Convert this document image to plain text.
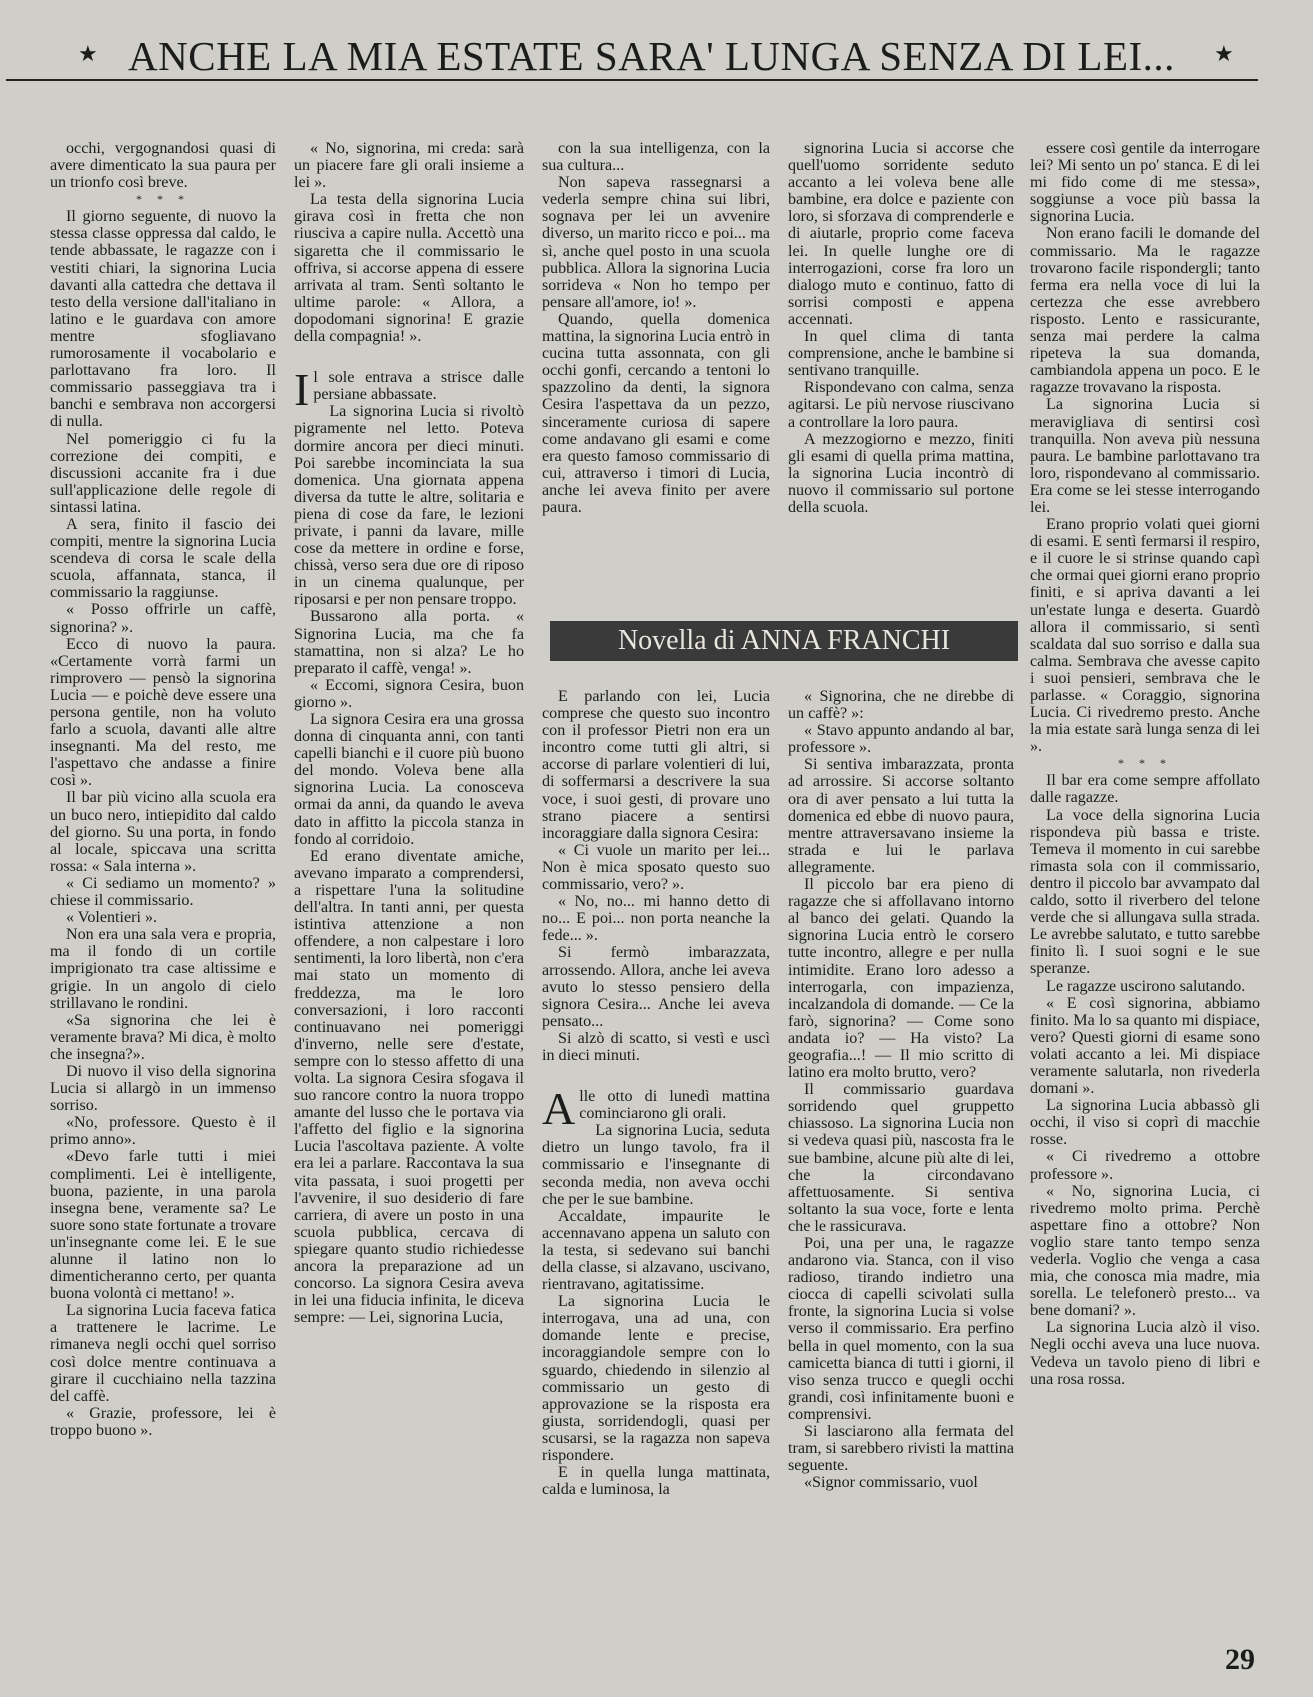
★ ANCHE LA MIA ESTATE SARA' LUNGA SENZA DI LEI...	★

occhi, vergognandosi quasi di avere dimenticato la sua paura per un trionfo così breve.

* * *

Il giorno seguente, di nuovo la stessa classe oppressa dal caldo, le tende abbassate, le ragazze con i vestiti chiari, la signorina Lucia davanti alla cattedra che dettava il testo della versione dall'italiano in latino e le guardava con amore mentre sfogliavano rumorosamente il vocabolario e parlottavano fra loro. Il commissario passeggiava tra i banchi e sembrava non accorgersi di nulla.

Nel pomeriggio ci fu la correzione dei compiti, e discussioni accanite fra i due sull'applicazione delle regole di sintassi latina.

A sera, finito il fascio dei compiti, mentre la signorina Lucia scendeva di corsa le scale della scuola, affannata, stanca, il commissario la raggiunse.

« Posso offrirle un caffè, signorina? ».

Ecco di nuovo la paura. «Certamente vorrà farmi un rimprovero — pensò la signorina Lucia — e poichè deve essere una persona gentile, non ha voluto farlo a scuola, davanti alle altre insegnanti. Ma del resto, me l'aspettavo che andasse a finire così ».

Il bar più vicino alla scuola era un buco nero, intiepidito dal caldo del giorno. Su una porta, in fondo al locale, spiccava una scritta rossa: « Sala interna ».

« Ci sediamo un momento? » chiese il commissario.

« Volentieri ».

Non era una sala vera e propria, ma il fondo di un cortile imprigionato tra case altissime e grigie. In un angolo di cielo strillavano le rondini.

«Sa signorina che lei è veramente brava? Mi dica, è molto che insegna?».

Di nuovo il viso della signorina Lucia si allargò in un immenso sorriso.

«No, professore. Questo è il primo anno».

«Devo farle tutti i miei complimenti. Lei è intelligente, buona, paziente, in una parola insegna bene, veramente sa? Le suore sono state fortunate a trovare un'insegnante come lei. E le sue alunne il latino non lo dimenticheranno certo, per quanta buona volontà ci mettano! ».

La signorina Lucia faceva fatica a trattenere le lacrime. Le rimaneva negli occhi quel sorriso così dolce mentre continuava a girare il cucchiaino nella tazzina del caffè.

« Grazie, professore, lei è troppo buono ».

« No, signorina, mi creda: sarà un piacere fare gli orali insieme a lei ».

La testa della signorina Lucia girava così in fretta che non riusciva a capire nulla. Accettò una sigaretta che il commissario le offriva, si accorse appena di essere arrivata al tram. Sentì soltanto le ultime parole: « Allora, a dopodomani signorina! E grazie della compagnia! ».

Il sole entrava a strisce dalle persiane abbassate.

La signorina Lucia si rivoltò pigramente nel letto. Poteva dormire ancora per dieci minuti. Poi sarebbe incominciata la sua domenica. Una giornata appena diversa da tutte le altre, solitaria e piena di cose da fare, le lezioni private, i panni da lavare, mille cose da mettere in ordine e forse, chissà, verso sera due ore di riposo in un cinema qualunque, per riposarsi e per non pensare troppo.

Bussarono alla porta. « Signorina Lucia, ma che fa stamattina, non si alza? Le ho preparato il caffè, venga! ».

« Eccomi, signora Cesira, buon giorno ».

La signora Cesira era una grossa donna di cinquanta anni, con tanti capelli bianchi e il cuore più buono del mondo. Voleva bene alla signorina Lucia. La conosceva ormai da anni, da quando le aveva dato in affitto la piccola stanza in fondo al corridoio.

Ed erano diventate amiche, avevano imparato a comprendersi, a rispettare l'una la solitudine dell'altra. In tanti anni, per questa istintiva attenzione a non offendere, a non calpestare i loro sentimenti, la loro libertà, non c'era mai stato un momento di freddezza, ma le loro conversazioni, i loro racconti continuavano nei pomeriggi d'inverno, nelle sere d'estate, sempre con lo stesso affetto di una volta. La signora Cesira sfogava il suo rancore contro la nuora troppo amante del lusso che le portava via l'affetto del figlio e la signorina Lucia l'ascoltava paziente. A volte era lei a parlare. Raccontava la sua vita passata, i suoi progetti per l'avvenire, il suo desiderio di fare carriera, di avere un posto in una scuola pubblica, cercava di spiegare quanto studio richiedesse ancora la preparazione ad un concorso. La signora Cesira aveva in lei una fiducia infinita, le diceva sempre: — Lei, signorina Lucia,

con la sua intelligenza, con la sua cultura...

Non sapeva rassegnarsi a vederla sempre china sui libri, sognava per lei un avvenire diverso, un marito ricco e poi... ma sì, anche quel posto in una scuola pubblica. Allora la signorina Lucia sorrideva « Non ho tempo per pensare all'amore, io! ».

Quando, quella domenica mattina, la signorina Lucia entrò in cucina tutta assonnata, con gli occhi gonfi, cercando a tentoni lo spazzolino da denti, la signora Cesira l'aspettava da un pezzo, sinceramente curiosa di sapere come andavano gli esami e come era questo famoso commissario di cui, attraverso i timori di Lucia, anche lei aveva finito per avere paura.

signorina Lucia si accorse che quell'uomo sorridente seduto accanto a lei voleva bene alle bambine, era dolce e paziente con loro, si sforzava di comprenderle e di aiutarle, proprio come faceva lei. In quelle lunghe ore di interrogazioni, corse fra loro un dialogo muto e continuo, fatto di sorrisi composti e appena accennati.

In quel clima di tanta comprensione, anche le bambine si sentivano tranquille.

Rispondevano con calma, senza agitarsi. Le più nervose riuscivano a controllare la loro paura.

A mezzogiorno e mezzo, finiti gli esami di quella prima mattina, la signorina Lucia incontrò di nuovo il commissario sul portone della scuola.

Novella di ANNA FRANCHI

E parlando con lei, Lucia comprese che questo suo incontro con il professor Pietri non era un incontro come tutti gli altri, si accorse di parlare volentieri di lui, di soffermarsi a descrivere la sua voce, i suoi gesti, di provare uno strano piacere a sentirsi incoraggiare dalla signora Cesira:

« Ci vuole un marito per lei... Non è mica sposato questo suo commissario, vero? ».

« No, no... mi hanno detto di no... E poi... non porta neanche la fede... ».

Si fermò imbarazzata, arrossendo. Allora, anche lei aveva avuto lo stesso pensiero della signora Cesira... Anche lei aveva pensato...

Si alzò di scatto, si vestì e uscì in dieci minuti.

Alle otto di lunedì mattina cominciarono gli orali.

La signorina Lucia, seduta dietro un lungo tavolo, fra il commissario e l'insegnante di seconda media, non aveva occhi che per le sue bambine.

Accaldate, impaurite le accennavano appena un saluto con la testa, si sedevano sui banchi della classe, si alzavano, uscivano, rientravano, agitatissime.

La signorina Lucia le interrogava, una ad una, con domande lente e precise, incoraggiandole sempre con lo sguardo, chiedendo in silenzio al commissario un gesto di approvazione se la risposta era giusta, sorridendogli, quasi per scusarsi, se la ragazza non sapeva rispondere.

E in quella lunga mattinata, calda e luminosa, la

« Signorina, che ne direbbe di un caffè? »:

« Stavo appunto andando al bar, professore ».

Si sentiva imbarazzata, pronta ad arrossire. Si accorse soltanto ora di aver pensato a lui tutta la domenica ed ebbe di nuovo paura, mentre attraversavano insieme la strada e lui le parlava allegramente.

Il piccolo bar era pieno di ragazze che si affollavano intorno al banco dei gelati. Quando la signorina Lucia entrò le corsero tutte incontro, allegre e per nulla intimidite. Erano loro adesso a interrogarla, con impazienza, incalzandola di domande. — Ce la farò, signorina? — Come sono andata io? — Ha visto? La geografia...! — Il mio scritto di latino era molto brutto, vero?

Il commissario guardava sorridendo quel gruppetto chiassoso. La signorina Lucia non si vedeva quasi più, nascosta fra le sue bambine, alcune più alte di lei, che la circondavano affettuosamente. Si sentiva soltanto la sua voce, forte e lenta che le rassicurava.

Poi, una per una, le ragazze andarono via. Stanca, con il viso radioso, tirando indietro una ciocca di capelli scivolati sulla fronte, la signorina Lucia si volse verso il commissario. Era perfino bella in quel momento, con la sua camicetta bianca di tutti i giorni, il viso senza trucco e quegli occhi grandi, così infinitamente buoni e comprensivi.

Si lasciarono alla fermata del tram, si sarebbero rivisti la mattina seguente.

«Signor commissario, vuol

essere così gentile da interrogare lei? Mi sento un po' stanca. E di lei mi fido come di me stessa», soggiunse a voce più bassa la signorina Lucia.

Non erano facili le domande del commissario. Ma le ragazze trovarono facile rispondergli; tanto ferma era nella voce di lui la certezza che esse avrebbero risposto. Lento e rassicurante, senza mai perdere la calma ripeteva la sua domanda, cambiandola appena un poco. E le ragazze trovavano la risposta.

La signorina Lucia si meravigliava di sentirsi così tranquilla. Non aveva più nessuna paura. Le bambine parlottavano tra loro, rispondevano al commissario. Era come se lei stesse interrogando lei.

Erano proprio volati quei giorni di esami. E sentì fermarsi il respiro, e il cuore le si strinse quando capì che ormai quei giorni erano proprio finiti, e si apriva davanti a lei un'estate lunga e deserta. Guardò allora il commissario, si sentì scaldata dal suo sorriso e dalla sua calma. Sembrava che avesse capito i suoi pensieri, sembrava che le parlasse. « Coraggio, signorina Lucia. Ci rivedremo presto. Anche la mia estate sarà lunga senza di lei ».

* * *

Il bar era come sempre affollato dalle ragazze.

La voce della signorina Lucia rispondeva più bassa e triste. Temeva il momento in cui sarebbe rimasta sola con il commissario, dentro il piccolo bar avvampato dal caldo, sotto il riverbero del telone verde che si allungava sulla strada. Le avrebbe salutato, e tutto sarebbe finito lì. I suoi sogni e le sue speranze.

Le ragazze uscirono salutando.

« E così signorina, abbiamo finito. Ma lo sa quanto mi dispiace, vero? Questi giorni di esame sono volati accanto a lei. Mi dispiace veramente salutarla, non rivederla domani ».

La signorina Lucia abbassò gli occhi, il viso si coprì di macchie rosse.

« Ci rivedremo a ottobre professore ».

« No, signorina Lucia, ci rivedremo molto prima. Perchè aspettare fino a ottobre? Non voglio stare tanto tempo senza vederla. Voglio che venga a casa mia, che conosca mia madre, mia sorella. Le telefonerò presto... va bene domani? ».

La signorina Lucia alzò il viso. Negli occhi aveva una luce nuova. Vedeva un tavolo pieno di libri e una rosa rossa.

29
